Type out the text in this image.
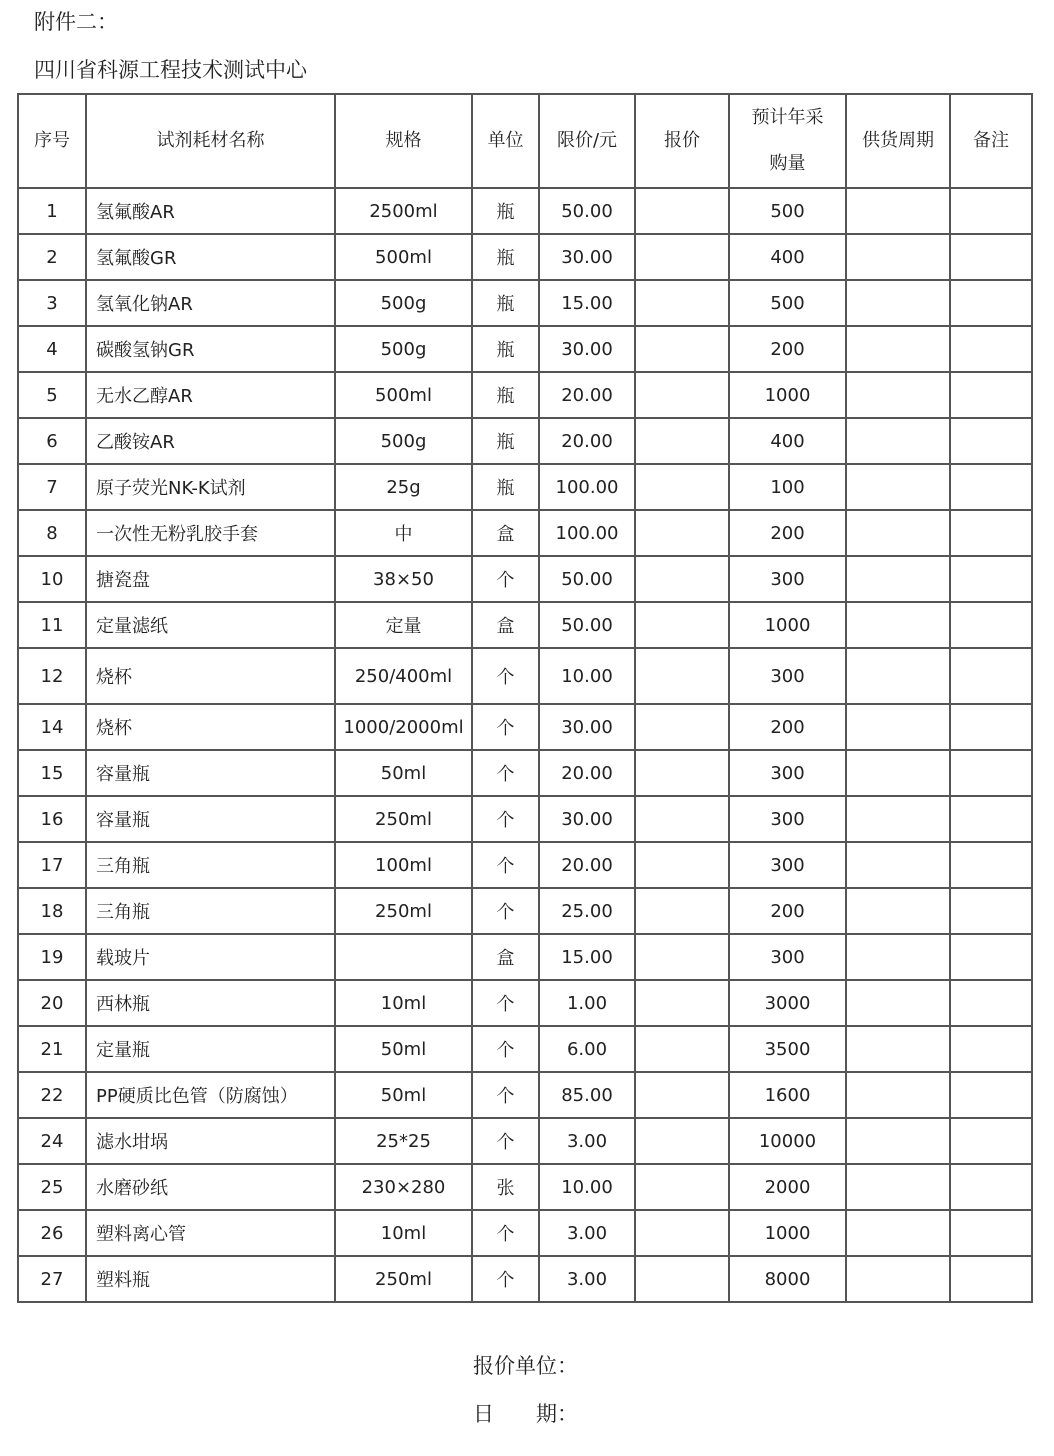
附件二：
四川省科源工程技术测试中心
序号	试剂耗材名称	规格	单位	限价/元	报价	预计年采购量	供货周期	备注
1	氢氟酸AR	2500ml	瓶	50.00		500		
2	氢氟酸GR	500ml	瓶	30.00		400		
3	氢氧化钠AR	500g	瓶	15.00		500		
4	碳酸氢钠GR	500g	瓶	30.00		200		
5	无水乙醇AR	500ml	瓶	20.00		1000		
6	乙酸铵AR	500g	瓶	20.00		400		
7	原子荧光NK-K试剂	25g	瓶	100.00		100		
8	一次性无粉乳胶手套	中	盒	100.00		200		
10	搪瓷盘	38×50	个	50.00		300		
11	定量滤纸	定量	盒	50.00		1000		
12	烧杯	250/400ml	个	10.00		300		
14	烧杯	1000/2000ml	个	30.00		200		
15	容量瓶	50ml	个	20.00		300		
16	容量瓶	250ml	个	30.00		300		
17	三角瓶	100ml	个	20.00		300		
18	三角瓶	250ml	个	25.00		200		
19	载玻片		盒	15.00		300		
20	西林瓶	10ml	个	1.00		3000		
21	定量瓶	50ml	个	6.00		3500		
22	PP硬质比色管（防腐蚀）	50ml	个	85.00		1600		
24	滤水坩埚	25*25	个	3.00		10000		
25	水磨砂纸	230×280	张	10.00		2000		
26	塑料离心管	10ml	个	3.00		1000		
27	塑料瓶	250ml	个	3.00		8000		
报价单位：
日 期：
